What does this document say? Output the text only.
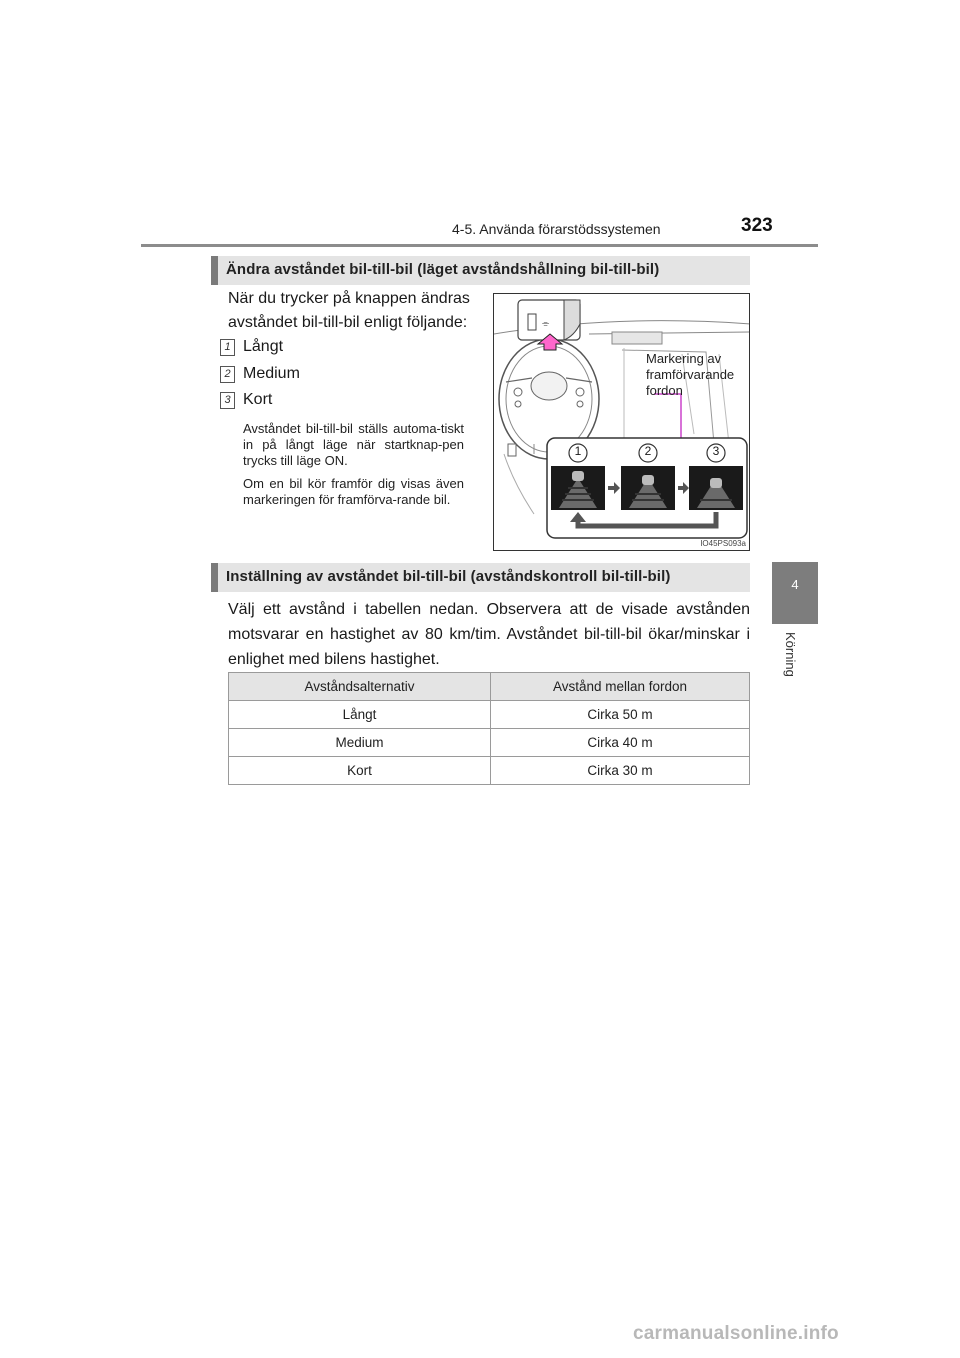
4-5. Använda förarstödssystemen	323
4
Körning
Ändra avståndet bil-till-bil (läget avståndshållning bil-till-bil)
När du trycker på knappen ändras avståndet bil-till-bil enligt följande:
1 Långt
2 Medium
3 Kort
Avståndet bil-till-bil ställs automa-tiskt in på långt läge när startknap-pen trycks till läge ON.
Om en bil kör framför dig visas även markeringen för framförva-rande bil.
⌯
Markering av
framförvarande
fordon
1	2	3
IO45PS093a
Inställning av avståndet bil-till-bil (avståndskontroll bil-till-bil)
Välj ett avstånd i tabellen nedan. Observera att de visade avstånden motsvarar en hastighet av 80 km/tim. Avståndet bil-till-bil ökar/minskar i enlighet med bilens hastighet.
Avståndsalternativ	Avstånd mellan fordon
Långt	Cirka 50 m
Medium	Cirka 40 m
Kort	Cirka 30 m
carmanualsonline.info
